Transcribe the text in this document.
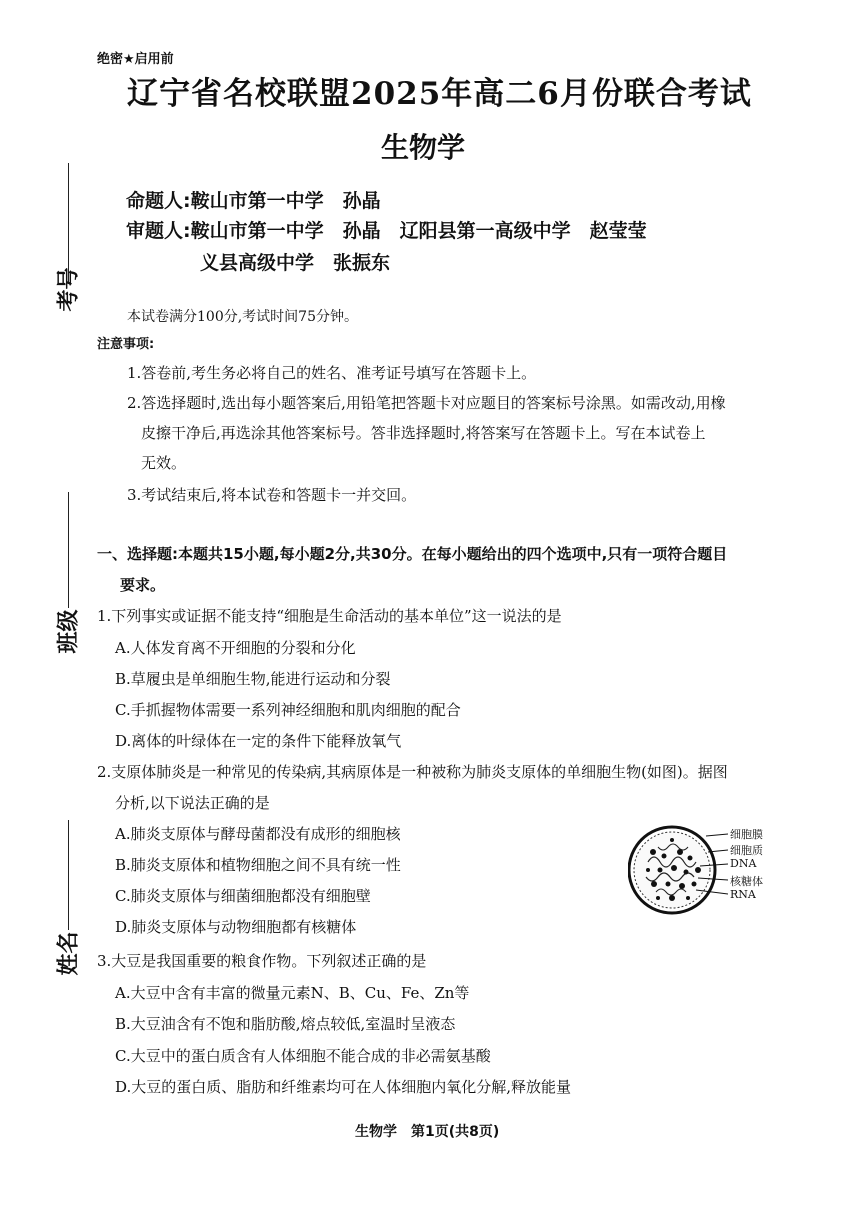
绝密★启用前
辽宁省名校联盟2025年高二6月份联合考试
生物学
命题人:鞍山市第一中学　孙晶
审题人:鞍山市第一中学　孙晶　辽阳县第一高级中学　赵莹莹
义县高级中学　张振东
考号
班级
姓名
本试卷满分100分,考试时间75分钟。
注意事项:
1.答卷前,考生务必将自己的姓名、准考证号填写在答题卡上。
2.答选择题时,选出每小题答案后,用铅笔把答题卡对应题目的答案标号涂黑。如需改动,用橡
皮擦干净后,再选涂其他答案标号。答非选择题时,将答案写在答题卡上。写在本试卷上
无效。
3.考试结束后,将本试卷和答题卡一并交回。
一、选择题:本题共15小题,每小题2分,共30分。在每小题给出的四个选项中,只有一项符合题目
要求。
1.下列事实或证据不能支持“细胞是生命活动的基本单位”这一说法的是
A.人体发育离不开细胞的分裂和分化
B.草履虫是单细胞生物,能进行运动和分裂
C.手抓握物体需要一系列神经细胞和肌肉细胞的配合
D.离体的叶绿体在一定的条件下能释放氧气
2.支原体肺炎是一种常见的传染病,其病原体是一种被称为肺炎支原体的单细胞生物(如图)。据图
分析,以下说法正确的是
A.肺炎支原体与酵母菌都没有成形的细胞核
B.肺炎支原体和植物细胞之间不具有统一性
C.肺炎支原体与细菌细胞都没有细胞壁
D.肺炎支原体与动物细胞都有核糖体
细胞膜
细胞质
DNA
核糖体
RNA
3.大豆是我国重要的粮食作物。下列叙述正确的是
A.大豆中含有丰富的微量元素N、B、Cu、Fe、Zn等
B.大豆油含有不饱和脂肪酸,熔点较低,室温时呈液态
C.大豆中的蛋白质含有人体细胞不能合成的非必需氨基酸
D.大豆的蛋白质、脂肪和纤维素均可在人体细胞内氧化分解,释放能量
生物学　第1页(共8页)
